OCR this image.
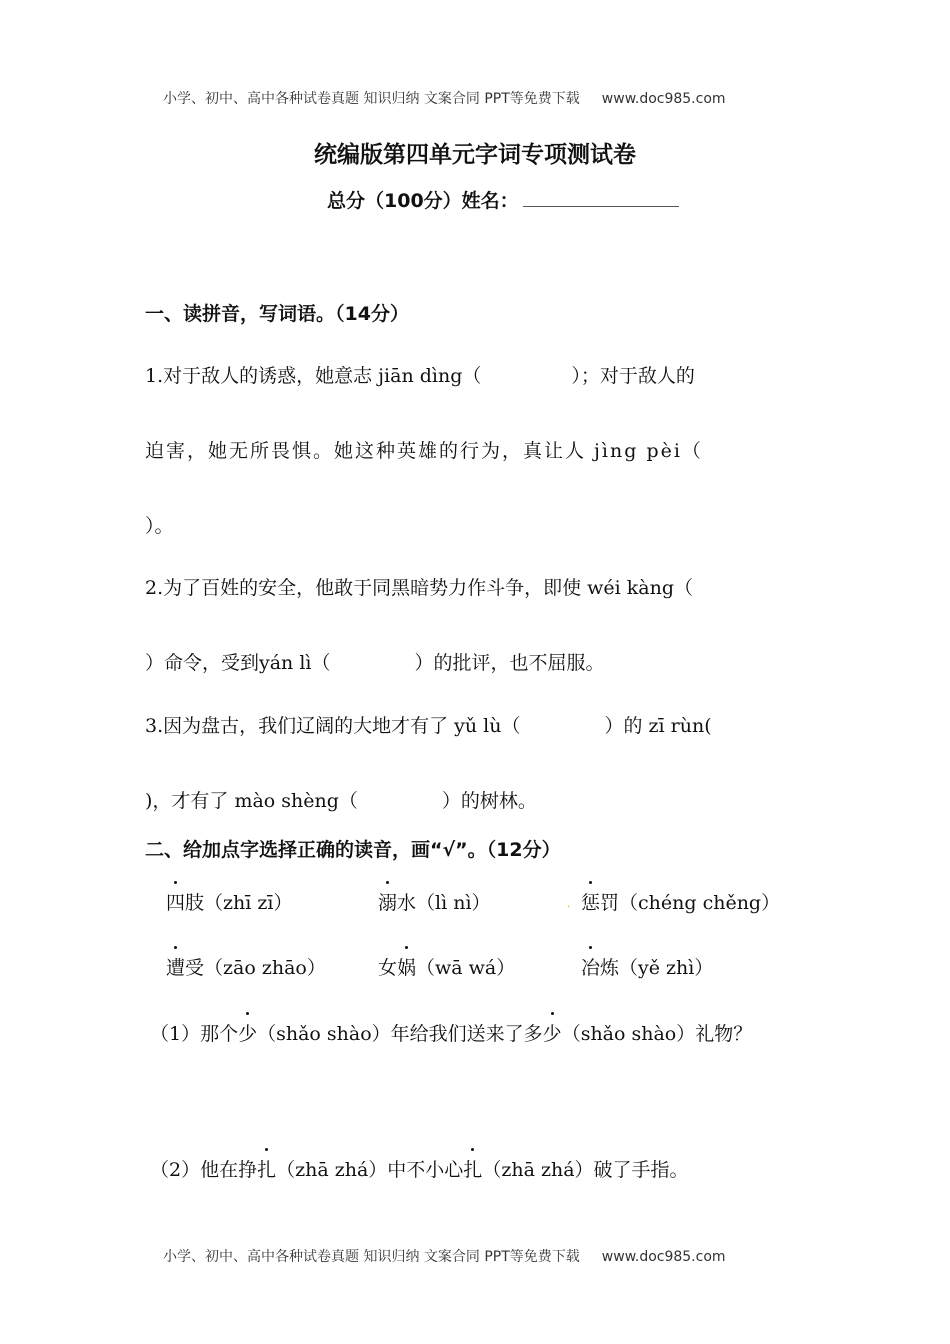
小学、初中、高中各种试卷真题 知识归纳 文案合同 PPT等免费下载 www.doc985.com
统编版第四单元字词专项测试卷
总分（100分）姓名：
一、读拼音，写词语。（14分）
1.对于敌人的诱惑，她意志 jiān dìng（	）；对于敌人的
迫害，她无所畏惧。她这种英雄的行为，真让人 jìng pèi（
）。
2.为了百姓的安全，他敢于同黑暗势力作斗争，即使 wéi kàng（
）命令，受到yán lì（	）的批评，也不屈服。
3.因为盘古，我们辽阔的大地才有了 yǔ lù（	）的 zī rùn(
)，才有了 mào shèng（	）的树林。
二、给加点字选择正确的读音，画“√”。（12分）
四肢（zhī zī）	溺水（lì nì）	. 惩罚（chéng chěng）
遭受（zāo zhāo）	女娲（wā wá）	冶炼（yě zhì）
（1）那个少（shǎo shào）年给我们送来了多少（shǎo shào）礼物？
（2）他在挣扎（zhā zhá）中不小心扎（zhā zhá）破了手指。
小学、初中、高中各种试卷真题 知识归纳 文案合同 PPT等免费下载 www.doc985.com
